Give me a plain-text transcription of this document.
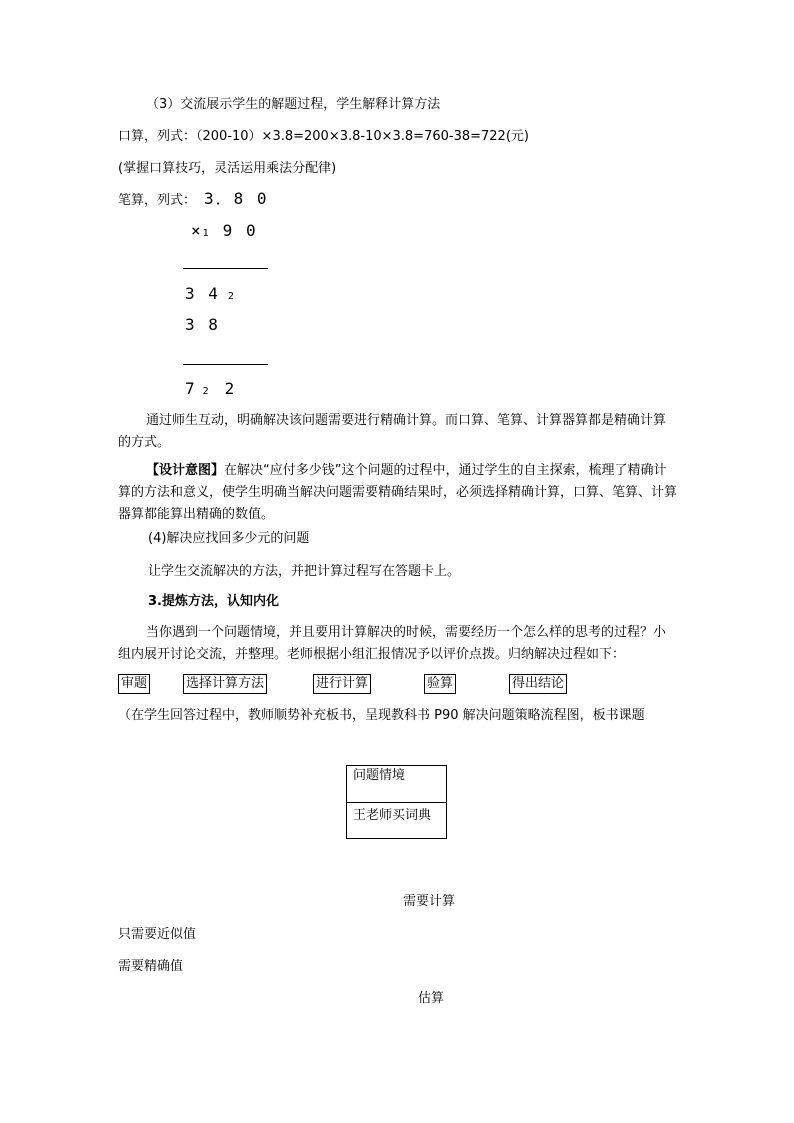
（3）交流展示学生的解题过程，学生解释计算方法
口算，列式：（200-10）×3.8=200×3.8-10×3.8=760-38=722(元)
(掌握口算技巧，灵活运用乘法分配律)
笔算，列式： 3．8 0
× 1 9 0
3 4 2
3 8
7 2 2
通过师生互动，明确解决该问题需要进行精确计算。而口算、笔算、计算器算都是精确计算的方式。
【设计意图】在解决“应付多少钱”这个问题的过程中，通过学生的自主探索，梳理了精确计算的方法和意义，使学生明确当解决问题需要精确结果时，必须选择精确计算，口算、笔算、计算器算都能算出精确的数值。
(4)解决应找回多少元的问题
让学生交流解决的方法，并把计算过程写在答题卡上。
3.提炼方法，认知内化
当你遇到一个问题情境，并且要用计算解决的时候，需要经历一个怎么样的思考的过程？小组内展开讨论交流，并整理。老师根据小组汇报情况予以评价点拨。归纳解决过程如下：
审题	选择计算方法	进行计算	验算	得出结论
（在学生回答过程中，教师顺势补充板书，呈现教科书 P90 解决问题策略流程图，板书课题
问题情境
王老师买词典
需要计算
只需要近似值
需要精确值
估算
